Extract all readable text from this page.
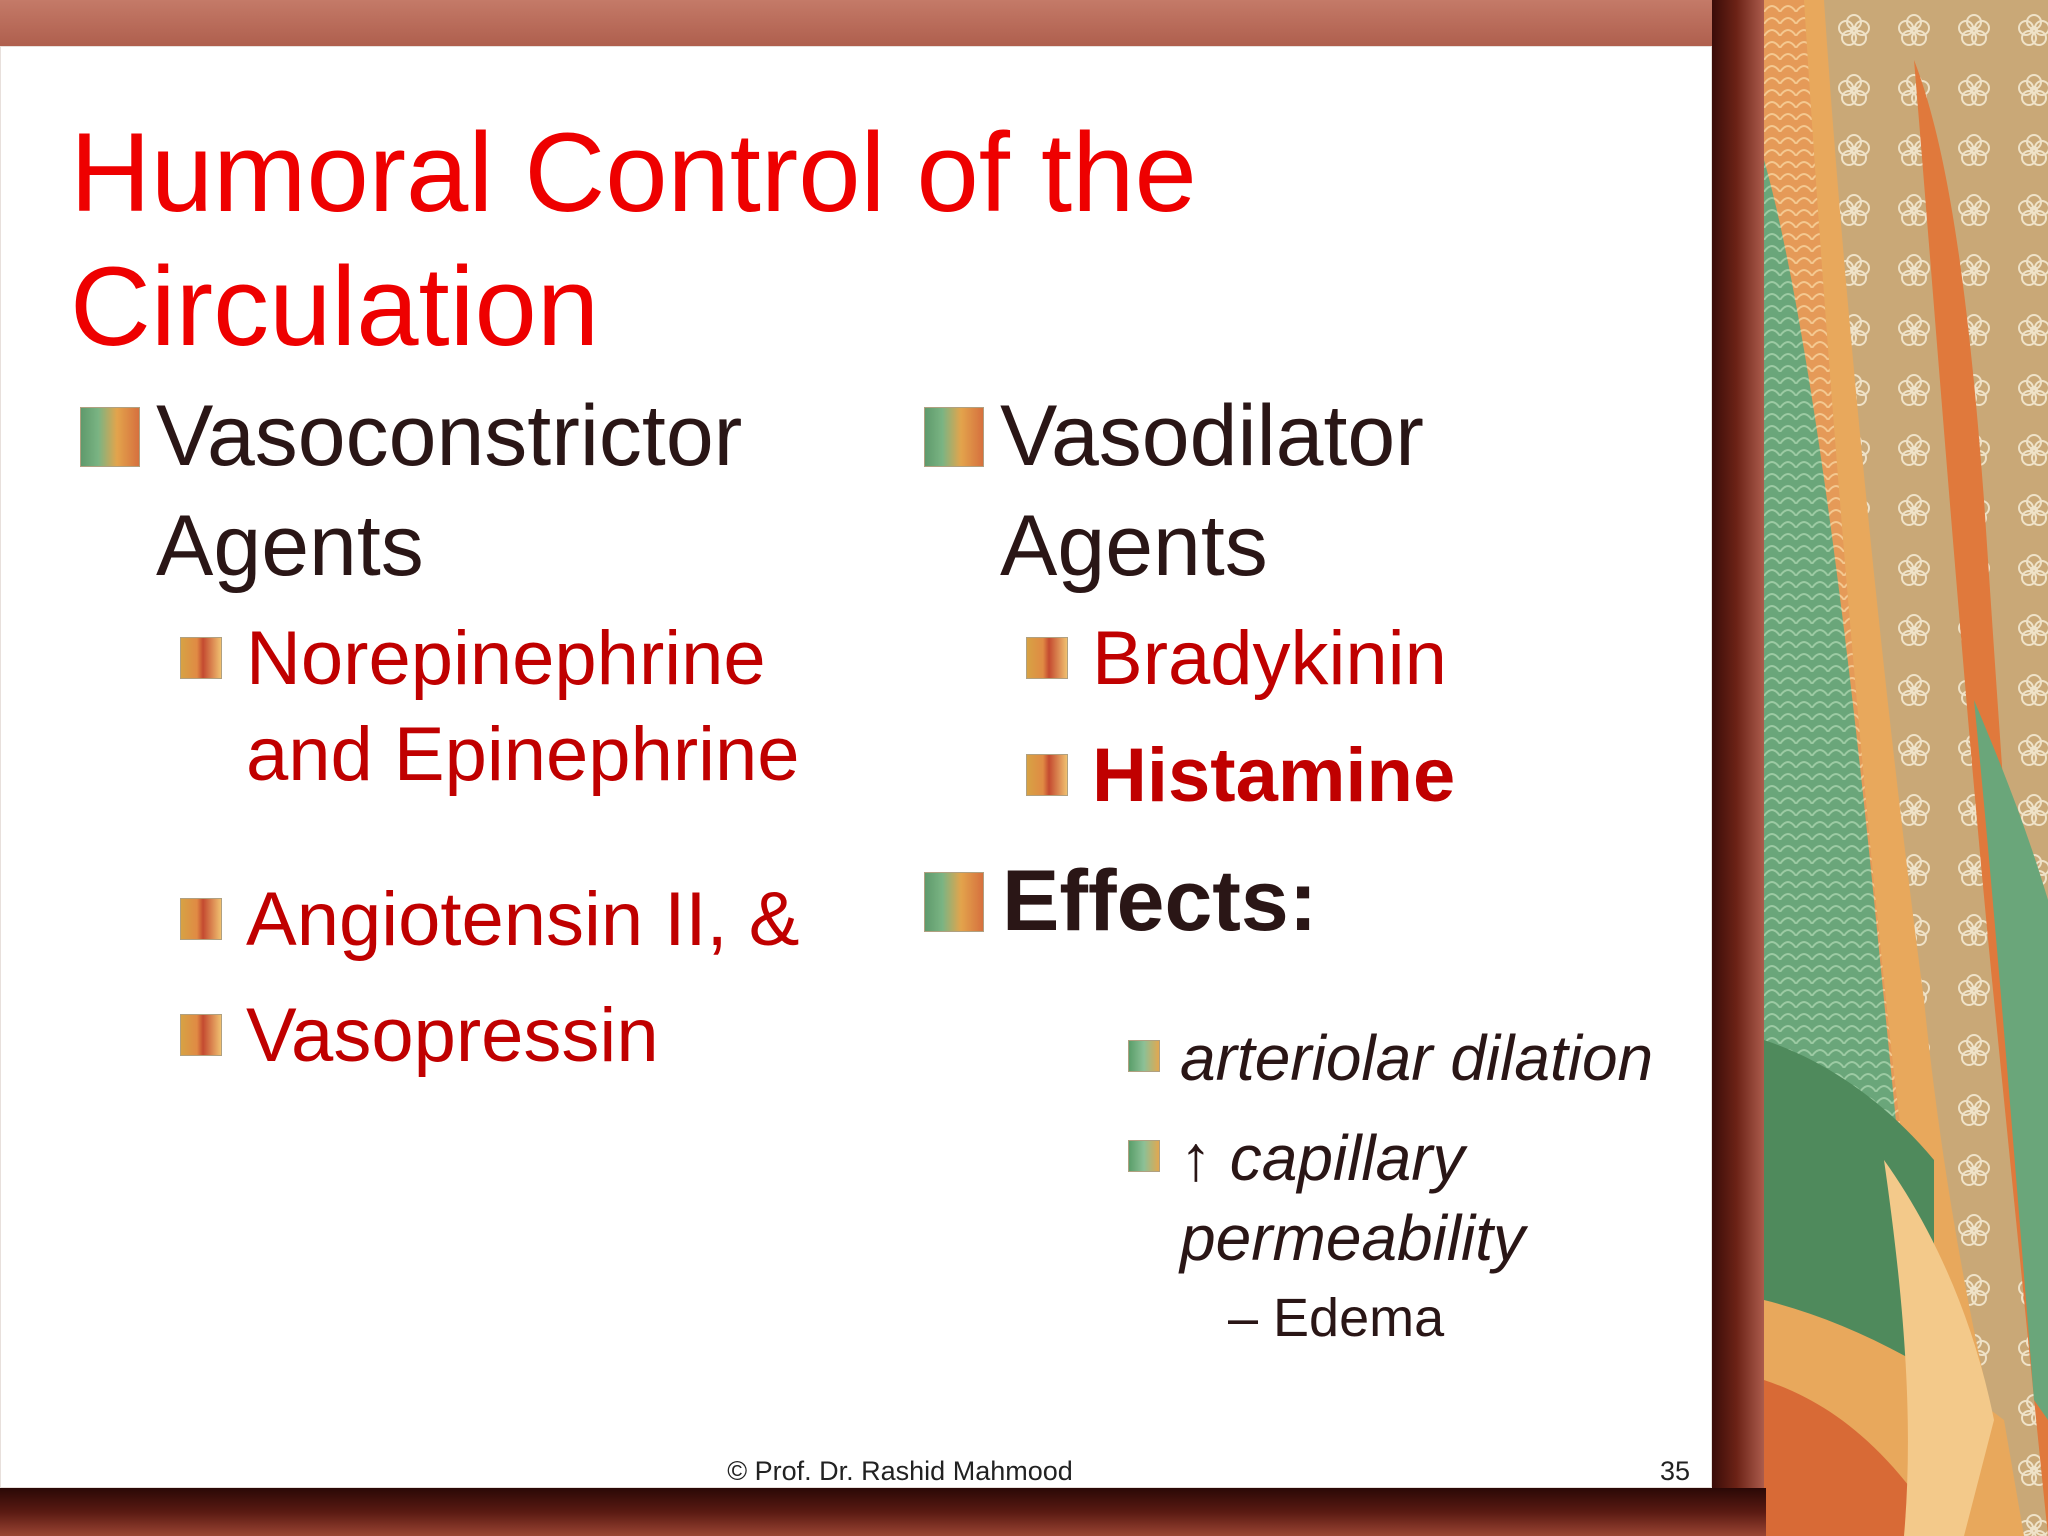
Humoral Control of the Circulation
Vasoconstrictor Agents
Norepinephrine and Epinephrine
Angiotensin II, &
Vasopressin
Vasodilator Agents
Bradykinin
Histamine
Effects:
arteriolar dilation
↑ capillary permeability
– Edema
© Prof. Dr. Rashid Mahmood	35
